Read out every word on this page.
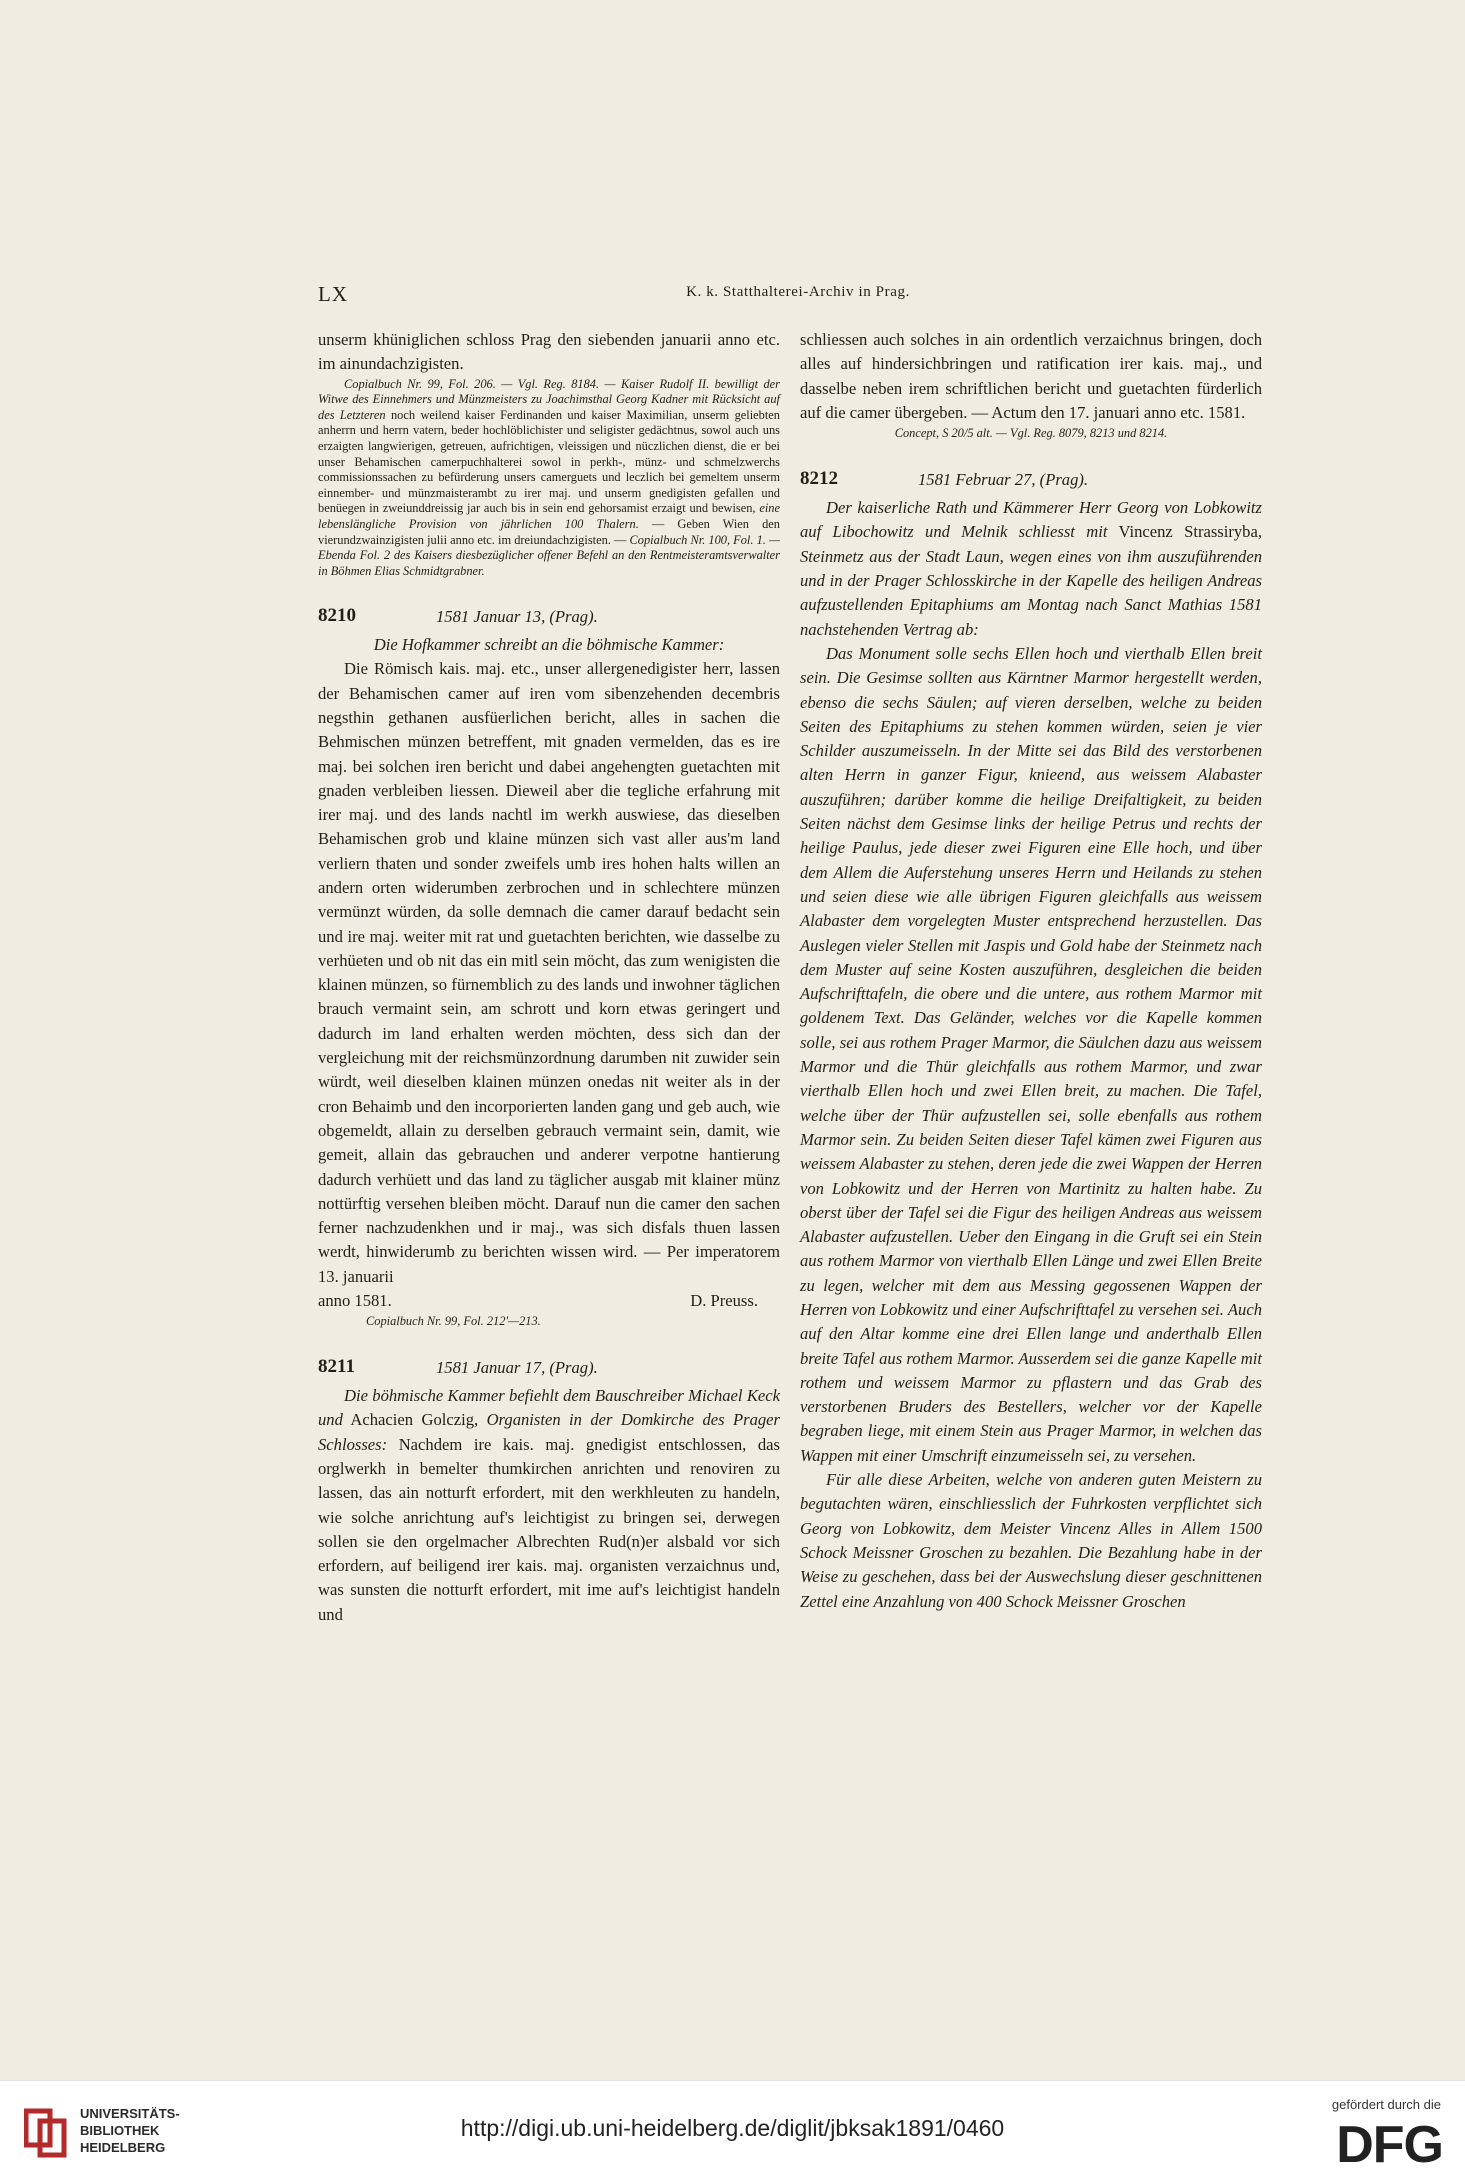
LX	K. k. Statthalterei-Archiv in Prag.

unserm khüniglichen schloss Prag den siebenden januarii anno etc. im ainundachzigisten.

Copialbuch Nr. 99, Fol. 206. — Vgl. Reg. 8184. — Kaiser Rudolf II. bewilligt der Witwe des Einnehmers und Münzmeisters zu Joachimsthal Georg Kadner mit Rücksicht auf des Letzteren noch weilend kaiser Ferdinanden und kaiser Maximilian, unserm geliebten anherrn und herrn vatern, beder hochlöblichister und seligister gedächtnus, sowol auch uns erzaigten langwierigen, getreuen, aufrichtigen, vleissigen und nüczlichen dienst, die er bei unser Behamischen camerpuchhalterei sowol in perkh-, münz- und schmelzwerchs commissionssachen zu befürderung unsers camerguets und leczlich bei gemeltem unserm einnember- und münzmaisterambt zu irer maj. und unserm gnedigisten gefallen und benüegen in zweiunddreissig jar auch bis in sein end gehorsamist erzaigt und bewisen, eine lebenslängliche Provision von jährlichen 100 Thalern. — Geben Wien den vierundzwainzigisten julii anno etc. im dreiundachzigisten. — Copialbuch Nr. 100, Fol. 1. — Ebenda Fol. 2 des Kaisers diesbezüglicher offener Befehl an den Rentmeisteramtsverwalter in Böhmen Elias Schmidtgrabner.

8210	1581 Januar 13, (Prag).

Die Hofkammer schreibt an die böhmische Kammer:

Die Römisch kais. maj. etc., unser allergenedigister herr, lassen der Behamischen camer auf iren vom sibenzehenden decembris negsthin gethanen ausfüerlichen bericht, alles in sachen die Behmischen münzen betreffent, mit gnaden vermelden, das es ire maj. bei solchen iren bericht und dabei angehengten guetachten mit gnaden verbleiben liessen. Dieweil aber die tegliche erfahrung mit irer maj. und des lands nachtl im werkh auswiese, das dieselben Behamischen grob und klaine münzen sich vast aller aus'm land verliern thaten und sonder zweifels umb ires hohen halts willen an andern orten widerumben zerbrochen und in schlechtere münzen vermünzt würden, da solle demnach die camer darauf bedacht sein und ire maj. weiter mit rat und guetachten berichten, wie dasselbe zu verhüeten und ob nit das ein mitl sein möcht, das zum wenigisten die klainen münzen, so fürnemblich zu des lands und inwohner täglichen brauch vermaint sein, am schrott und korn etwas geringert und dadurch im land erhalten werden möchten, dess sich dan der vergleichung mit der reichsmünzordnung darumben nit zuwider sein würdt, weil dieselben klainen münzen onedas nit weiter als in der cron Behaimb und den incorporierten landen gang und geb auch, wie obgemeldt, allain zu derselben gebrauch vermaint sein, damit, wie gemeit, allain das gebrauchen und anderer verpotne hantierung dadurch verhüett und das land zu täglicher ausgab mit klainer münz nottürftig versehen bleiben möcht. Darauf nun die camer den sachen ferner nachzudenkhen und ir maj., was sich disfals thuen lassen werdt, hinwiderumb zu berichten wissen wird. — Per imperatorem 13. januarii

anno 1581.	D. Preuss.

Copialbuch Nr. 99, Fol. 212'—213.

8211	1581 Januar 17, (Prag).

Die böhmische Kammer befiehlt dem Bauschreiber Michael Keck und Achacien Golczig, Organisten in der Domkirche des Prager Schlosses: Nachdem ire kais. maj. gnedigist entschlossen, das orglwerkh in bemelter thumkirchen anrichten und renoviren zu lassen, das ain notturft erfordert, mit den werkhleuten zu handeln, wie solche anrichtung auf's leichtigist zu bringen sei, derwegen sollen sie den orgelmacher Albrechten Rud(n)er alsbald vor sich erfordern, auf beiligend irer kais. maj. organisten verzaichnus und, was sunsten die notturft erfordert, mit ime auf's leichtigist handeln und

schliessen auch solches in ain ordentlich verzaichnus bringen, doch alles auf hindersichbringen und ratification irer kais. maj., und dasselbe neben irem schriftlichen bericht und guetachten fürderlich auf die camer übergeben. — Actum den 17. januari anno etc. 1581.

Concept, S 20/5 alt. — Vgl. Reg. 8079, 8213 und 8214.

8212	1581 Februar 27, (Prag).

Der kaiserliche Rath und Kämmerer Herr Georg von Lobkowitz auf Libochowitz und Melnik schliesst mit Vincenz Strassiryba, Steinmetz aus der Stadt Laun, wegen eines von ihm auszuführenden und in der Prager Schlosskirche in der Kapelle des heiligen Andreas aufzustellenden Epitaphiums am Montag nach Sanct Mathias 1581 nachstehenden Vertrag ab:

Das Monument solle sechs Ellen hoch und vierthalb Ellen breit sein. Die Gesimse sollten aus Kärntner Marmor hergestellt werden, ebenso die sechs Säulen; auf vieren derselben, welche zu beiden Seiten des Epitaphiums zu stehen kommen würden, seien je vier Schilder auszumeisseln. In der Mitte sei das Bild des verstorbenen alten Herrn in ganzer Figur, knieend, aus weissem Alabaster auszuführen; darüber komme die heilige Dreifaltigkeit, zu beiden Seiten nächst dem Gesimse links der heilige Petrus und rechts der heilige Paulus, jede dieser zwei Figuren eine Elle hoch, und über dem Allem die Auferstehung unseres Herrn und Heilands zu stehen und seien diese wie alle übrigen Figuren gleichfalls aus weissem Alabaster dem vorgelegten Muster entsprechend herzustellen. Das Auslegen vieler Stellen mit Jaspis und Gold habe der Steinmetz nach dem Muster auf seine Kosten auszuführen, desgleichen die beiden Aufschrifttafeln, die obere und die untere, aus rothem Marmor mit goldenem Text. Das Geländer, welches vor die Kapelle kommen solle, sei aus rothem Prager Marmor, die Säulchen dazu aus weissem Marmor und die Thür gleichfalls aus rothem Marmor, und zwar vierthalb Ellen hoch und zwei Ellen breit, zu machen. Die Tafel, welche über der Thür aufzustellen sei, solle ebenfalls aus rothem Marmor sein. Zu beiden Seiten dieser Tafel kämen zwei Figuren aus weissem Alabaster zu stehen, deren jede die zwei Wappen der Herren von Lobkowitz und der Herren von Martinitz zu halten habe. Zu oberst über der Tafel sei die Figur des heiligen Andreas aus weissem Alabaster aufzustellen. Ueber den Eingang in die Gruft sei ein Stein aus rothem Marmor von vierthalb Ellen Länge und zwei Ellen Breite zu legen, welcher mit dem aus Messing gegossenen Wappen der Herren von Lobkowitz und einer Aufschrifttafel zu versehen sei. Auch auf den Altar komme eine drei Ellen lange und anderthalb Ellen breite Tafel aus rothem Marmor. Ausserdem sei die ganze Kapelle mit rothem und weissem Marmor zu pflastern und das Grab des verstorbenen Bruders des Bestellers, welcher vor der Kapelle begraben liege, mit einem Stein aus Prager Marmor, in welchen das Wappen mit einer Umschrift einzumeisseln sei, zu versehen.

Für alle diese Arbeiten, welche von anderen guten Meistern zu begutachten wären, einschliesslich der Fuhrkosten verpflichtet sich Georg von Lobkowitz, dem Meister Vincenz Alles in Allem 1500 Schock Meissner Groschen zu bezahlen. Die Bezahlung habe in der Weise zu geschehen, dass bei der Auswechslung dieser geschnittenen Zettel eine Anzahlung von 400 Schock Meissner Groschen

UNIVERSITÄTS-
BIBLIOTHEK
HEIDELBERG
http://digi.ub.uni-heidelberg.de/diglit/jbksak1891/0460
gefördert durch die
DFG
